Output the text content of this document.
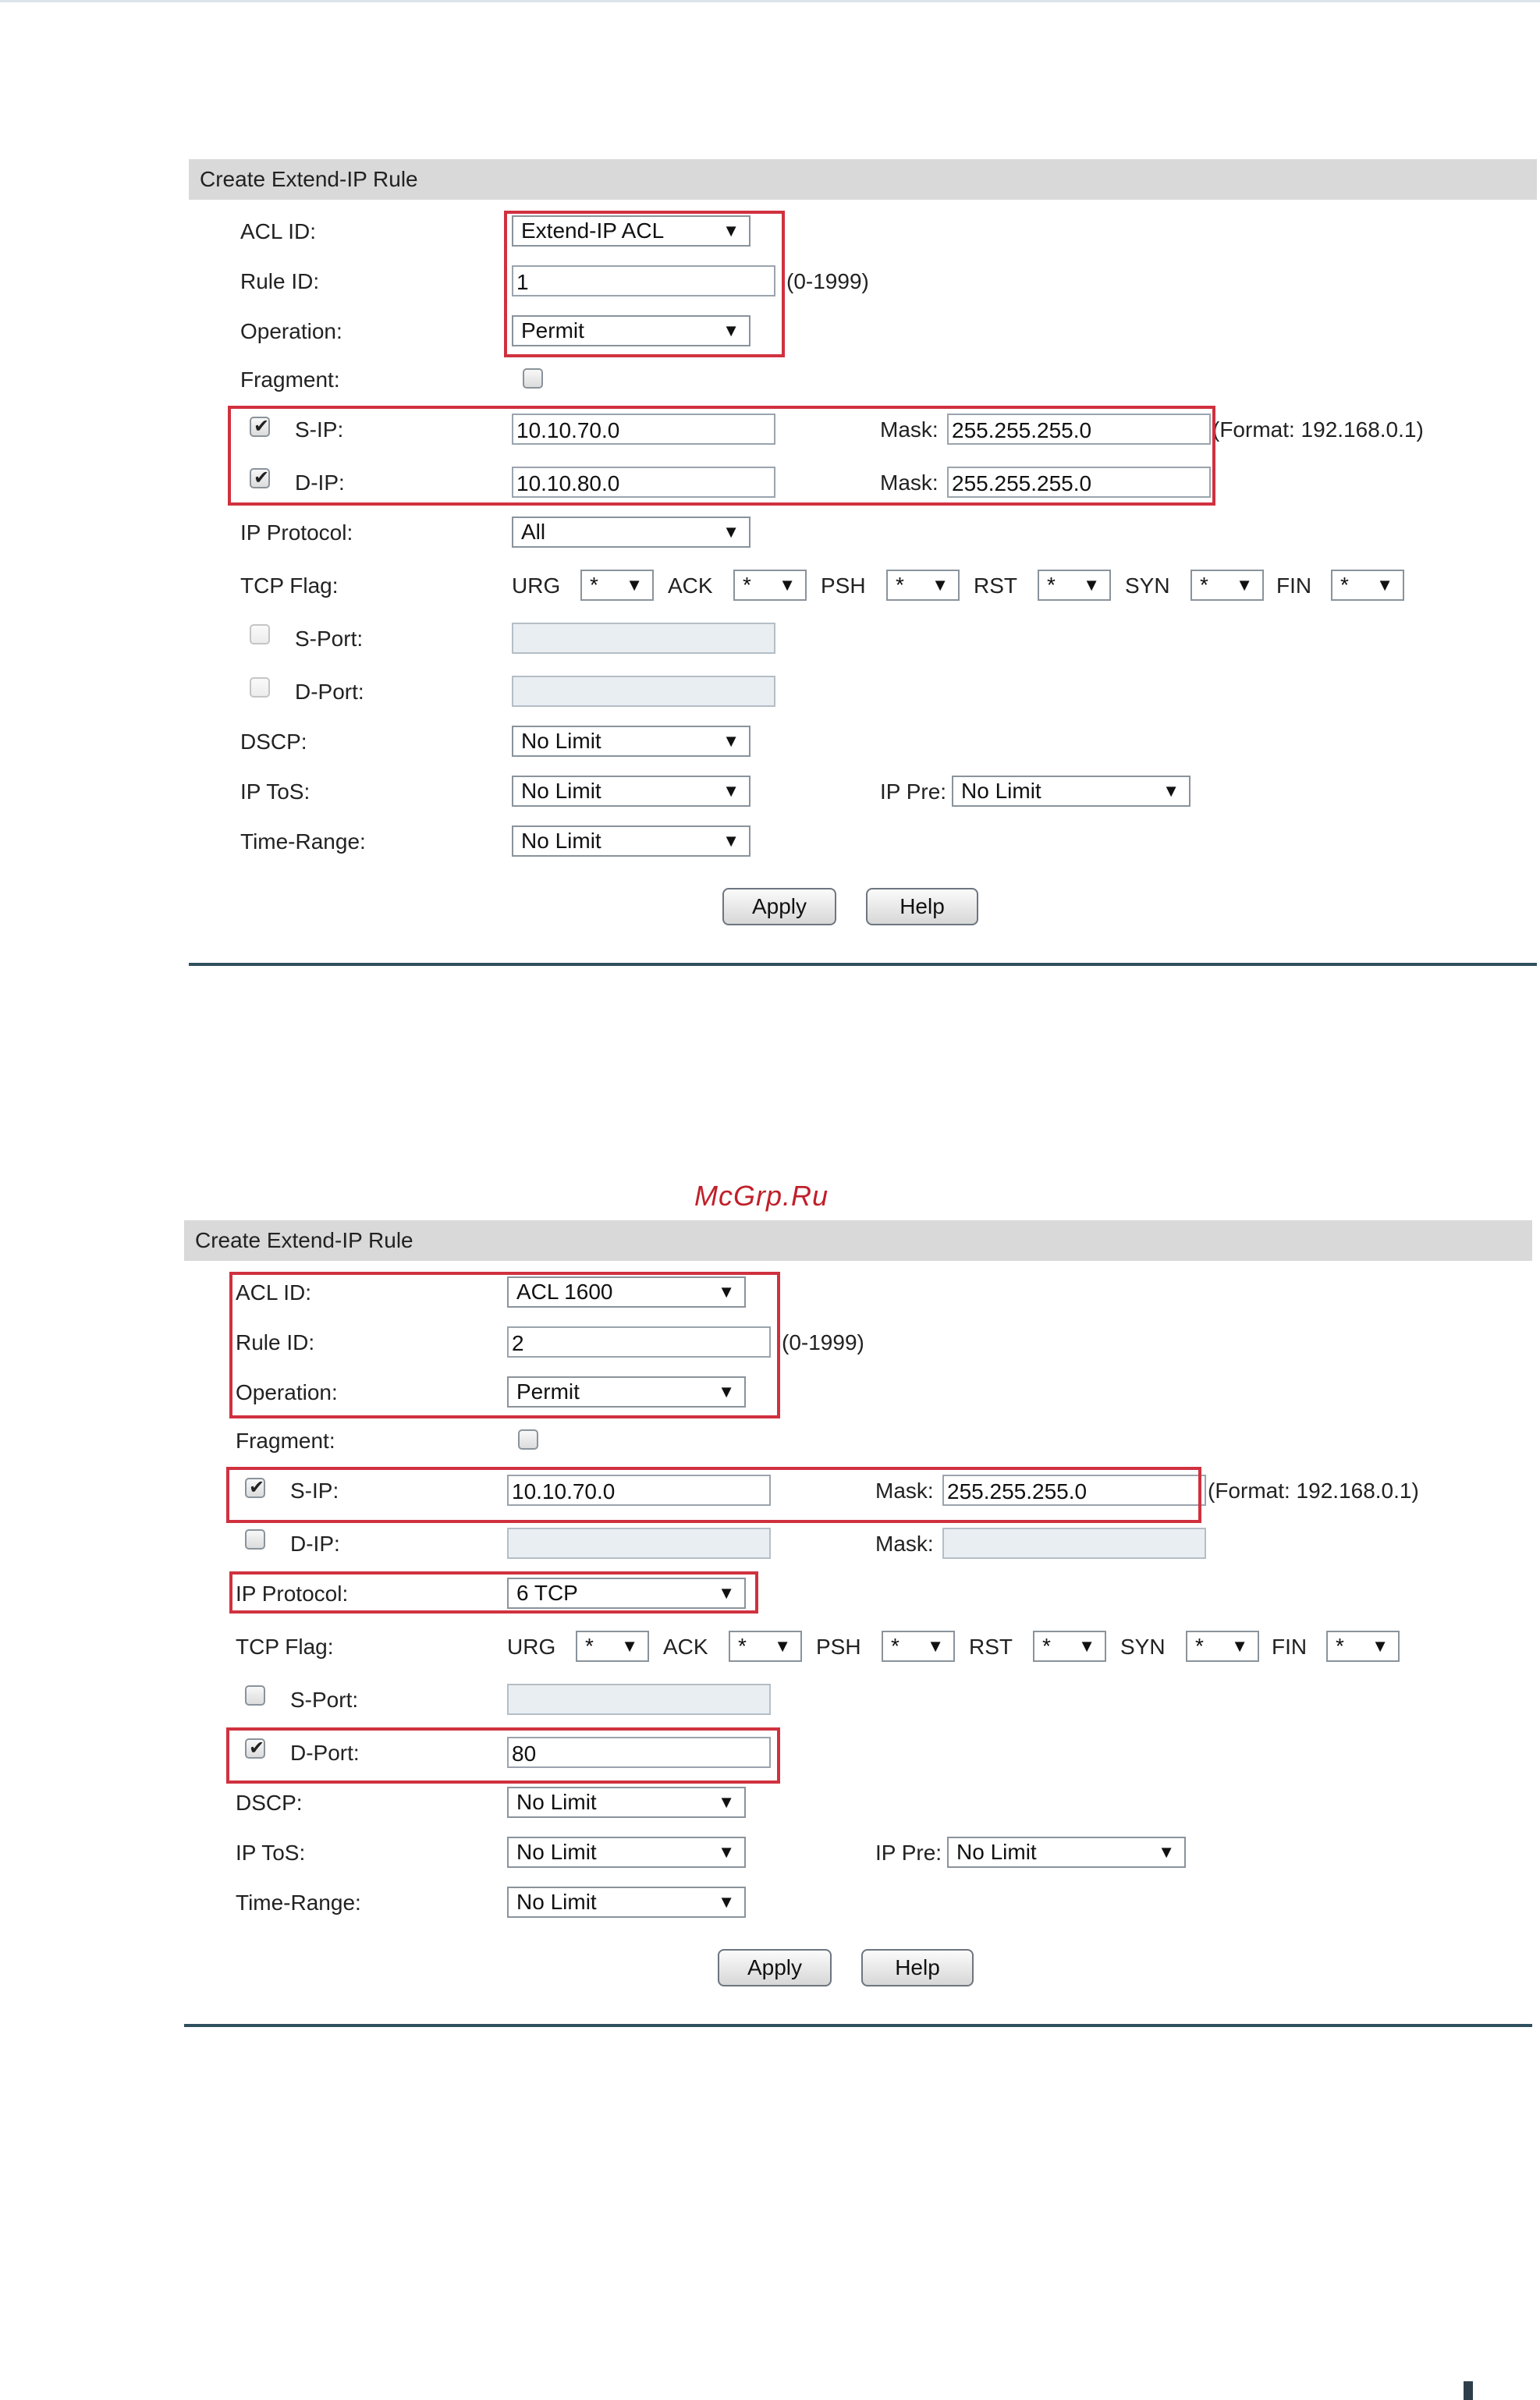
Create Extend-IP Rule
ACL ID:	Extend-IP ACL	▼
Rule ID:	1	(0-1999)
Operation:	Permit	▼
Fragment:
✔ S-IP:	10.10.70.0	Mask: 255.255.255.0	(Format: 192.168.0.1)
✔ D-IP:	10.10.80.0	Mask: 255.255.255.0
IP Protocol:	All	▼
TCP Flag:	URG * ▼ ACK * ▼ PSH * ▼ RST * ▼ SYN * ▼ FIN * ▼
S-Port:
D-Port:
DSCP:	No Limit	▼
IP ToS:	No Limit	▼	IP Pre: No Limit	▼
Time-Range:	No Limit	▼
Apply	Help
McGrp.Ru
Create Extend-IP Rule
ACL ID:	ACL 1600	▼
Rule ID:	2	(0-1999)
Operation:	Permit	▼
Fragment:
✔ S-IP:	10.10.70.0	Mask: 255.255.255.0	(Format: 192.168.0.1)
D-IP:	Mask:
IP Protocol:	6 TCP	▼
TCP Flag:	URG * ▼ ACK * ▼ PSH * ▼ RST * ▼ SYN * ▼ FIN * ▼
S-Port:
✔ D-Port:	80
DSCP:	No Limit	▼
IP ToS:	No Limit	▼	IP Pre: No Limit	▼
Time-Range:	No Limit	▼
Apply	Help
